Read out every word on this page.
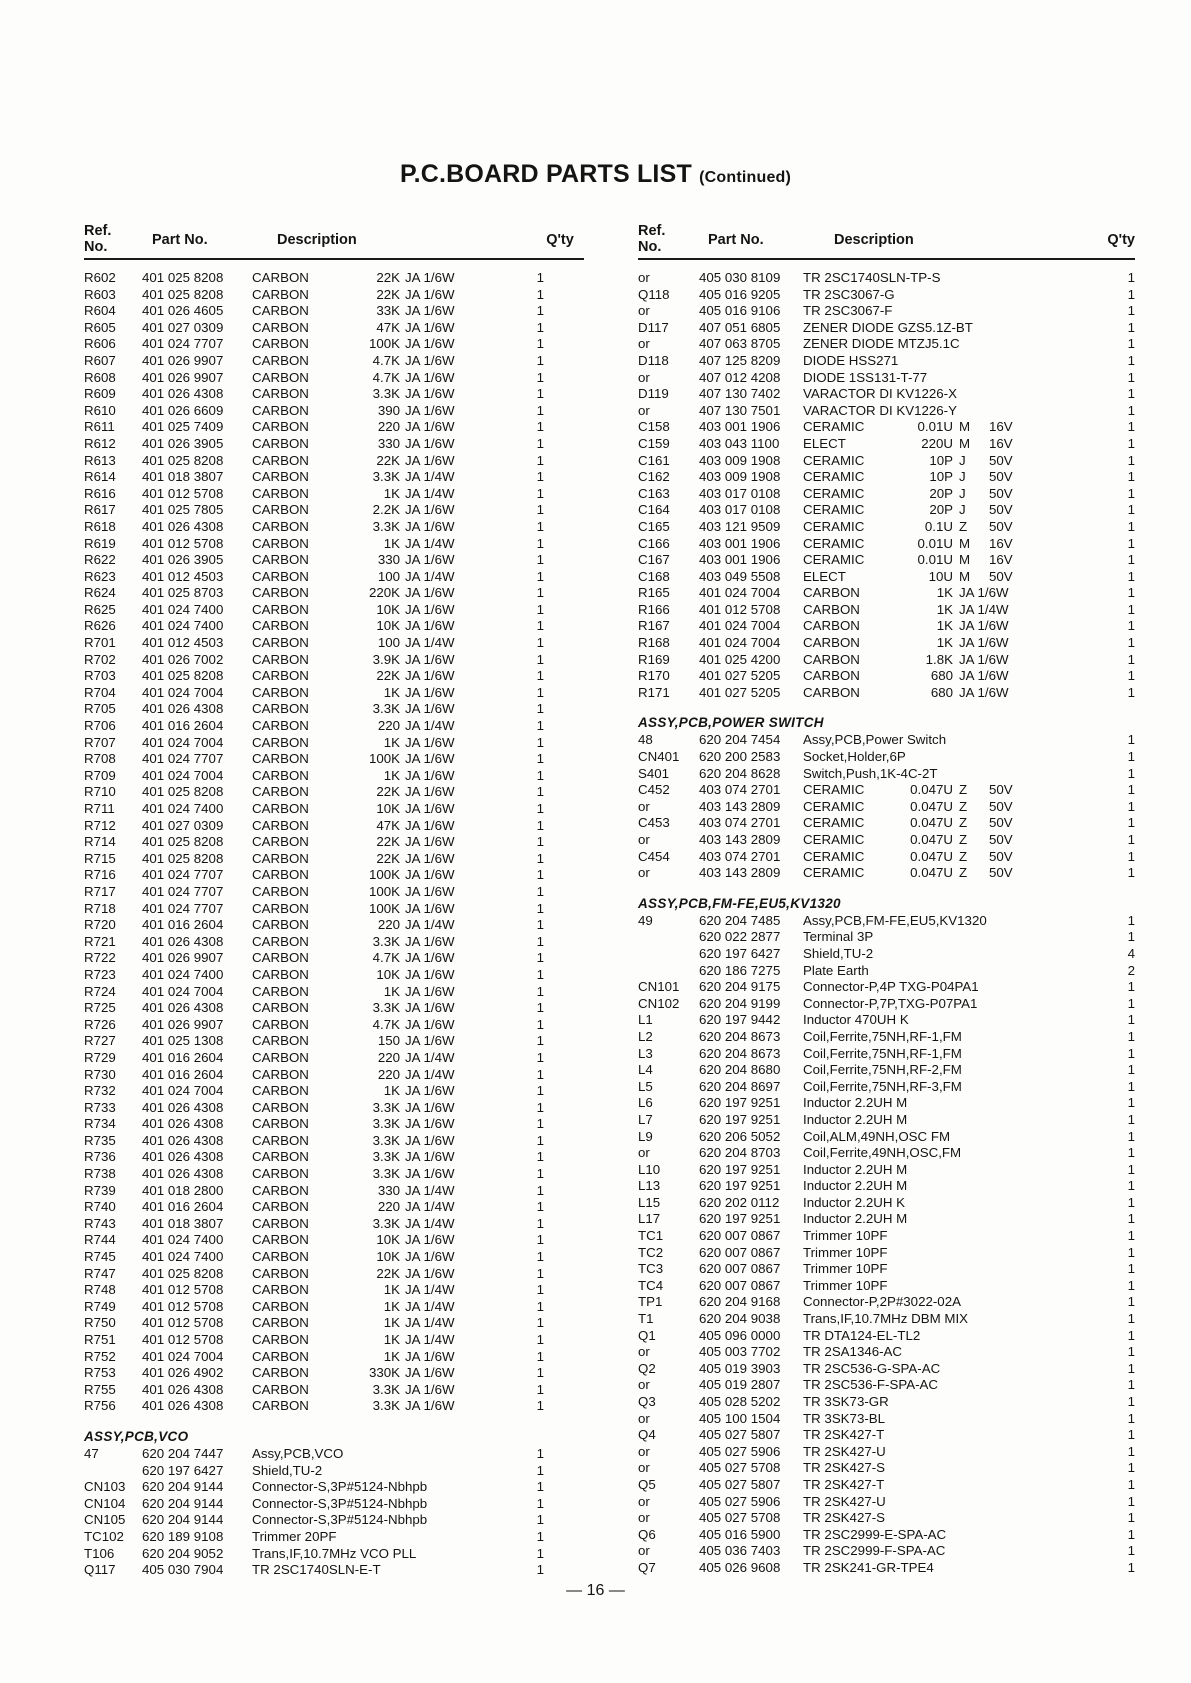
P.C.BOARD PARTS LIST (Continued)
Ref.
No.	Part No.	Description	Q'ty
R602 401 025 8208 CARBON	22K JA 1/6W	1
R603 401 025 8208 CARBON	22K JA 1/6W	1
R604 401 026 4605 CARBON	33K JA 1/6W	1
R605 401 027 0309 CARBON	47K JA 1/6W	1
R606 401 024 7707 CARBON	100K JA 1/6W	1
R607 401 026 9907 CARBON	4.7K JA 1/6W	1
R608 401 026 9907 CARBON	4.7K JA 1/6W	1
R609 401 026 4308 CARBON	3.3K JA 1/6W	1
R610 401 026 6609 CARBON	390 JA 1/6W	1
R611 401 025 7409 CARBON	220 JA 1/6W	1
R612 401 026 3905 CARBON	330 JA 1/6W	1
R613 401 025 8208 CARBON	22K JA 1/6W	1
R614 401 018 3807 CARBON	3.3K JA 1/4W	1
R616 401 012 5708 CARBON	1K JA 1/4W	1
R617 401 025 7805 CARBON	2.2K JA 1/6W	1
R618 401 026 4308 CARBON	3.3K JA 1/6W	1
R619 401 012 5708 CARBON	1K JA 1/4W	1
R622 401 026 3905 CARBON	330 JA 1/6W	1
R623 401 012 4503 CARBON	100 JA 1/4W	1
R624 401 025 8703 CARBON	220K JA 1/6W	1
R625 401 024 7400 CARBON	10K JA 1/6W	1
R626 401 024 7400 CARBON	10K JA 1/6W	1
R701 401 012 4503 CARBON	100 JA 1/4W	1
R702 401 026 7002 CARBON	3.9K JA 1/6W	1
R703 401 025 8208 CARBON	22K JA 1/6W	1
R704 401 024 7004 CARBON	1K JA 1/6W	1
R705 401 026 4308 CARBON	3.3K JA 1/6W	1
R706 401 016 2604 CARBON	220 JA 1/4W	1
R707 401 024 7004 CARBON	1K JA 1/6W	1
R708 401 024 7707 CARBON	100K JA 1/6W	1
R709 401 024 7004 CARBON	1K JA 1/6W	1
R710 401 025 8208 CARBON	22K JA 1/6W	1
R711 401 024 7400 CARBON	10K JA 1/6W	1
R712 401 027 0309 CARBON	47K JA 1/6W	1
R714 401 025 8208 CARBON	22K JA 1/6W	1
R715 401 025 8208 CARBON	22K JA 1/6W	1
R716 401 024 7707 CARBON	100K JA 1/6W	1
R717 401 024 7707 CARBON	100K JA 1/6W	1
R718 401 024 7707 CARBON	100K JA 1/6W	1
R720 401 016 2604 CARBON	220 JA 1/4W	1
R721 401 026 4308 CARBON	3.3K JA 1/6W	1
R722 401 026 9907 CARBON	4.7K JA 1/6W	1
R723 401 024 7400 CARBON	10K JA 1/6W	1
R724 401 024 7004 CARBON	1K JA 1/6W	1
R725 401 026 4308 CARBON	3.3K JA 1/6W	1
R726 401 026 9907 CARBON	4.7K JA 1/6W	1
R727 401 025 1308 CARBON	150 JA 1/6W	1
R729 401 016 2604 CARBON	220 JA 1/4W	1
R730 401 016 2604 CARBON	220 JA 1/4W	1
R732 401 024 7004 CARBON	1K JA 1/6W	1
R733 401 026 4308 CARBON	3.3K JA 1/6W	1
R734 401 026 4308 CARBON	3.3K JA 1/6W	1
R735 401 026 4308 CARBON	3.3K JA 1/6W	1
R736 401 026 4308 CARBON	3.3K JA 1/6W	1
R738 401 026 4308 CARBON	3.3K JA 1/6W	1
R739 401 018 2800 CARBON	330 JA 1/4W	1
R740 401 016 2604 CARBON	220 JA 1/4W	1
R743 401 018 3807 CARBON	3.3K JA 1/4W	1
R744 401 024 7400 CARBON	10K JA 1/6W	1
R745 401 024 7400 CARBON	10K JA 1/6W	1
R747 401 025 8208 CARBON	22K JA 1/6W	1
R748 401 012 5708 CARBON	1K JA 1/4W	1
R749 401 012 5708 CARBON	1K JA 1/4W	1
R750 401 012 5708 CARBON	1K JA 1/4W	1
R751 401 012 5708 CARBON	1K JA 1/4W	1
R752 401 024 7004 CARBON	1K JA 1/6W	1
R753 401 026 4902 CARBON	330K JA 1/6W	1
R755 401 026 4308 CARBON	3.3K JA 1/6W	1
R756 401 026 4308 CARBON	3.3K JA 1/6W	1
ASSY,PCB,VCO
47	620 204 7447 Assy,PCB,VCO	1
620 197 6427 Shield,TU-2	1
CN103 620 204 9144 Connector-S,3P#5124-Nbhpb	1
CN104 620 204 9144 Connector-S,3P#5124-Nbhpb	1
CN105 620 204 9144 Connector-S,3P#5124-Nbhpb	1
TC102 620 189 9108 Trimmer 20PF	1
T106 620 204 9052 Trans,IF,10.7MHz VCO PLL	1
Q117 405 030 7904 TR 2SC1740SLN-E-T	1
Ref.
No.	Part No.	Description	Q'ty
or	405 030 8109 TR 2SC1740SLN-TP-S	1
Q118 405 016 9205 TR 2SC3067-G	1
or	405 016 9106 TR 2SC3067-F	1
D117 407 051 6805 ZENER DIODE GZS5.1Z-BT	1
or	407 063 8705 ZENER DIODE MTZJ5.1C	1
D118 407 125 8209 DIODE HSS271	1
or	407 012 4208 DIODE 1SS131-T-77	1
D119 407 130 7402 VARACTOR DI KV1226-X	1
or	407 130 7501 VARACTOR DI KV1226-Y	1
C158 403 001 1906 CERAMIC	0.01U M 16V	1
C159 403 043 1100 ELECT	220U M 16V	1
C161 403 009 1908 CERAMIC	10P J 50V	1
C162 403 009 1908 CERAMIC	10P J 50V	1
C163 403 017 0108 CERAMIC	20P J 50V	1
C164 403 017 0108 CERAMIC	20P J 50V	1
C165 403 121 9509 CERAMIC	0.1U Z 50V	1
C166 403 001 1906 CERAMIC	0.01U M 16V	1
C167 403 001 1906 CERAMIC	0.01U M 16V	1
C168 403 049 5508 ELECT	10U M 50V	1
R165 401 024 7004 CARBON	1K JA 1/6W	1
R166 401 012 5708 CARBON	1K JA 1/4W	1
R167 401 024 7004 CARBON	1K JA 1/6W	1
R168 401 024 7004 CARBON	1K JA 1/6W	1
R169 401 025 4200 CARBON	1.8K JA 1/6W	1
R170 401 027 5205 CARBON	680 JA 1/6W	1
R171 401 027 5205 CARBON	680 JA 1/6W	1
ASSY,PCB,POWER SWITCH
48	620 204 7454 Assy,PCB,Power Switch	1
CN401 620 200 2583 Socket,Holder,6P	1
S401 620 204 8628 Switch,Push,1K-4C-2T	1
C452 403 074 2701 CERAMIC	0.047U Z 50V	1
or	403 143 2809 CERAMIC	0.047U Z 50V	1
C453 403 074 2701 CERAMIC	0.047U Z 50V	1
or	403 143 2809 CERAMIC	0.047U Z 50V	1
C454 403 074 2701 CERAMIC	0.047U Z 50V	1
or	403 143 2809 CERAMIC	0.047U Z 50V	1
ASSY,PCB,FM-FE,EU5,KV1320
49	620 204 7485 Assy,PCB,FM-FE,EU5,KV1320	1
620 022 2877 Terminal 3P	1
620 197 6427 Shield,TU-2	4
620 186 7275 Plate Earth	2
CN101 620 204 9175 Connector-P,4P TXG-P04PA1	1
CN102 620 204 9199 Connector-P,7P,TXG-P07PA1	1
L1	620 197 9442 Inductor 470UH K	1
L2	620 204 8673 Coil,Ferrite,75NH,RF-1,FM	1
L3	620 204 8673 Coil,Ferrite,75NH,RF-1,FM	1
L4	620 204 8680 Coil,Ferrite,75NH,RF-2,FM	1
L5	620 204 8697 Coil,Ferrite,75NH,RF-3,FM	1
L6	620 197 9251 Inductor 2.2UH M	1
L7	620 197 9251 Inductor 2.2UH M	1
L9	620 206 5052 Coil,ALM,49NH,OSC FM	1
or	620 204 8703 Coil,Ferrite,49NH,OSC,FM	1
L10	620 197 9251 Inductor 2.2UH M	1
L13	620 197 9251 Inductor 2.2UH M	1
L15	620 202 0112 Inductor 2.2UH K	1
L17	620 197 9251 Inductor 2.2UH M	1
TC1	620 007 0867 Trimmer 10PF	1
TC2	620 007 0867 Trimmer 10PF	1
TC3	620 007 0867 Trimmer 10PF	1
TC4	620 007 0867 Trimmer 10PF	1
TP1	620 204 9168 Connector-P,2P#3022-02A	1
T1	620 204 9038 Trans,IF,10.7MHz DBM MIX	1
Q1	405 096 0000 TR DTA124-EL-TL2	1
or	405 003 7702 TR 2SA1346-AC	1
Q2	405 019 3903 TR 2SC536-G-SPA-AC	1
or	405 019 2807 TR 2SC536-F-SPA-AC	1
Q3	405 028 5202 TR 3SK73-GR	1
or	405 100 1504 TR 3SK73-BL	1
Q4	405 027 5807 TR 2SK427-T	1
or	405 027 5906 TR 2SK427-U	1
or	405 027 5708 TR 2SK427-S	1
Q5	405 027 5807 TR 2SK427-T	1
or	405 027 5906 TR 2SK427-U	1
or	405 027 5708 TR 2SK427-S	1
Q6	405 016 5900 TR 2SC2999-E-SPA-AC	1
or	405 036 7403 TR 2SC2999-F-SPA-AC	1
Q7	405 026 9608 TR 2SK241-GR-TPE4	1

— 16 —
